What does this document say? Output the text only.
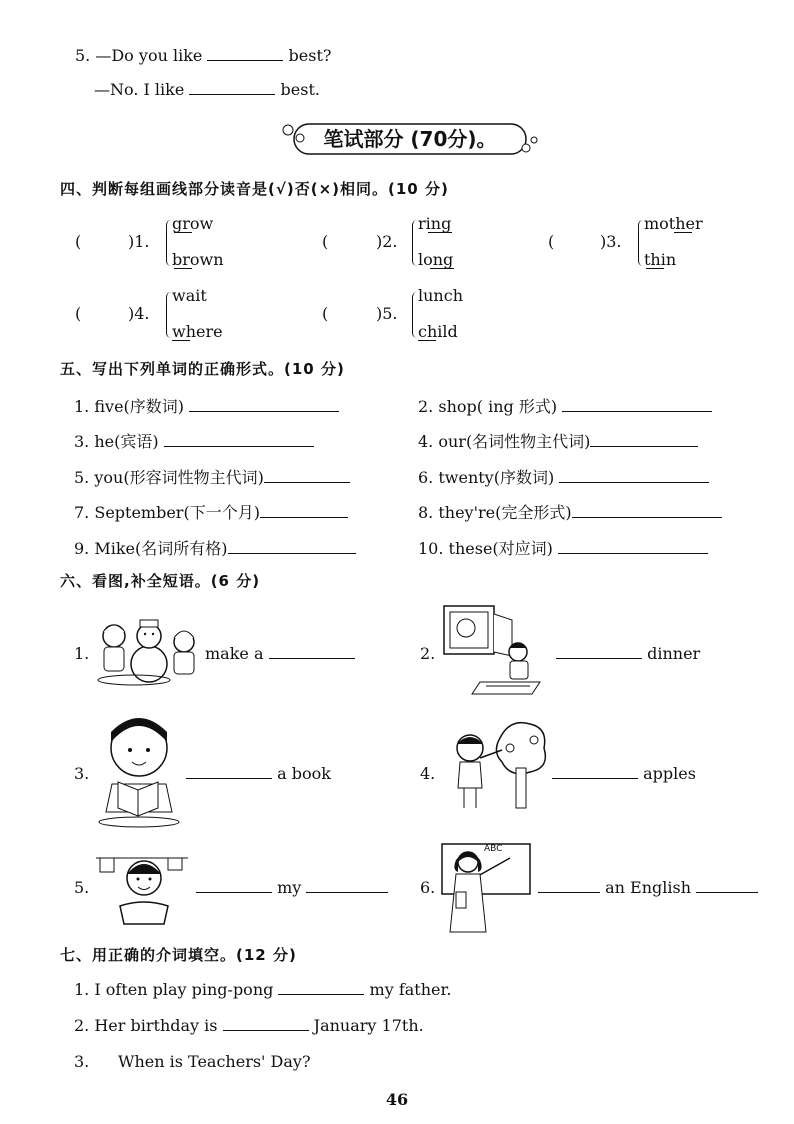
5. —Do you like	best?
—No. I like	best.
笔试部分 (70分)。
四、判断每组画线部分读音是(√)否(×)相同。(10 分)
(	)1.
grow
brown
(	)2.
ring
long
(	)3.
mother
thin
(	)4.
wait
where
(	)5.
lunch
child
五、写出下列单词的正确形式。(10 分)
1. five(序数词)	2. shop( ing 形式)
3. he(宾语)	4. our(名词性物主代词)
5. you(形容词性物主代词)	6. twenty(序数词)
7. September(下一个月)	8. they're(完全形式)
9. Mike(名词所有格)	10. these(对应词)
六、看图,补全短语。(6 分)
1.	make a	2.	dinner
3.	a book	4.	apples
5.	my	6.
ABC
an English
七、用正确的介词填空。(12 分)
1. I often play ping-pong	my father.
2. Her birthday is	January 17th.
3. When is Teachers' Day?
46
